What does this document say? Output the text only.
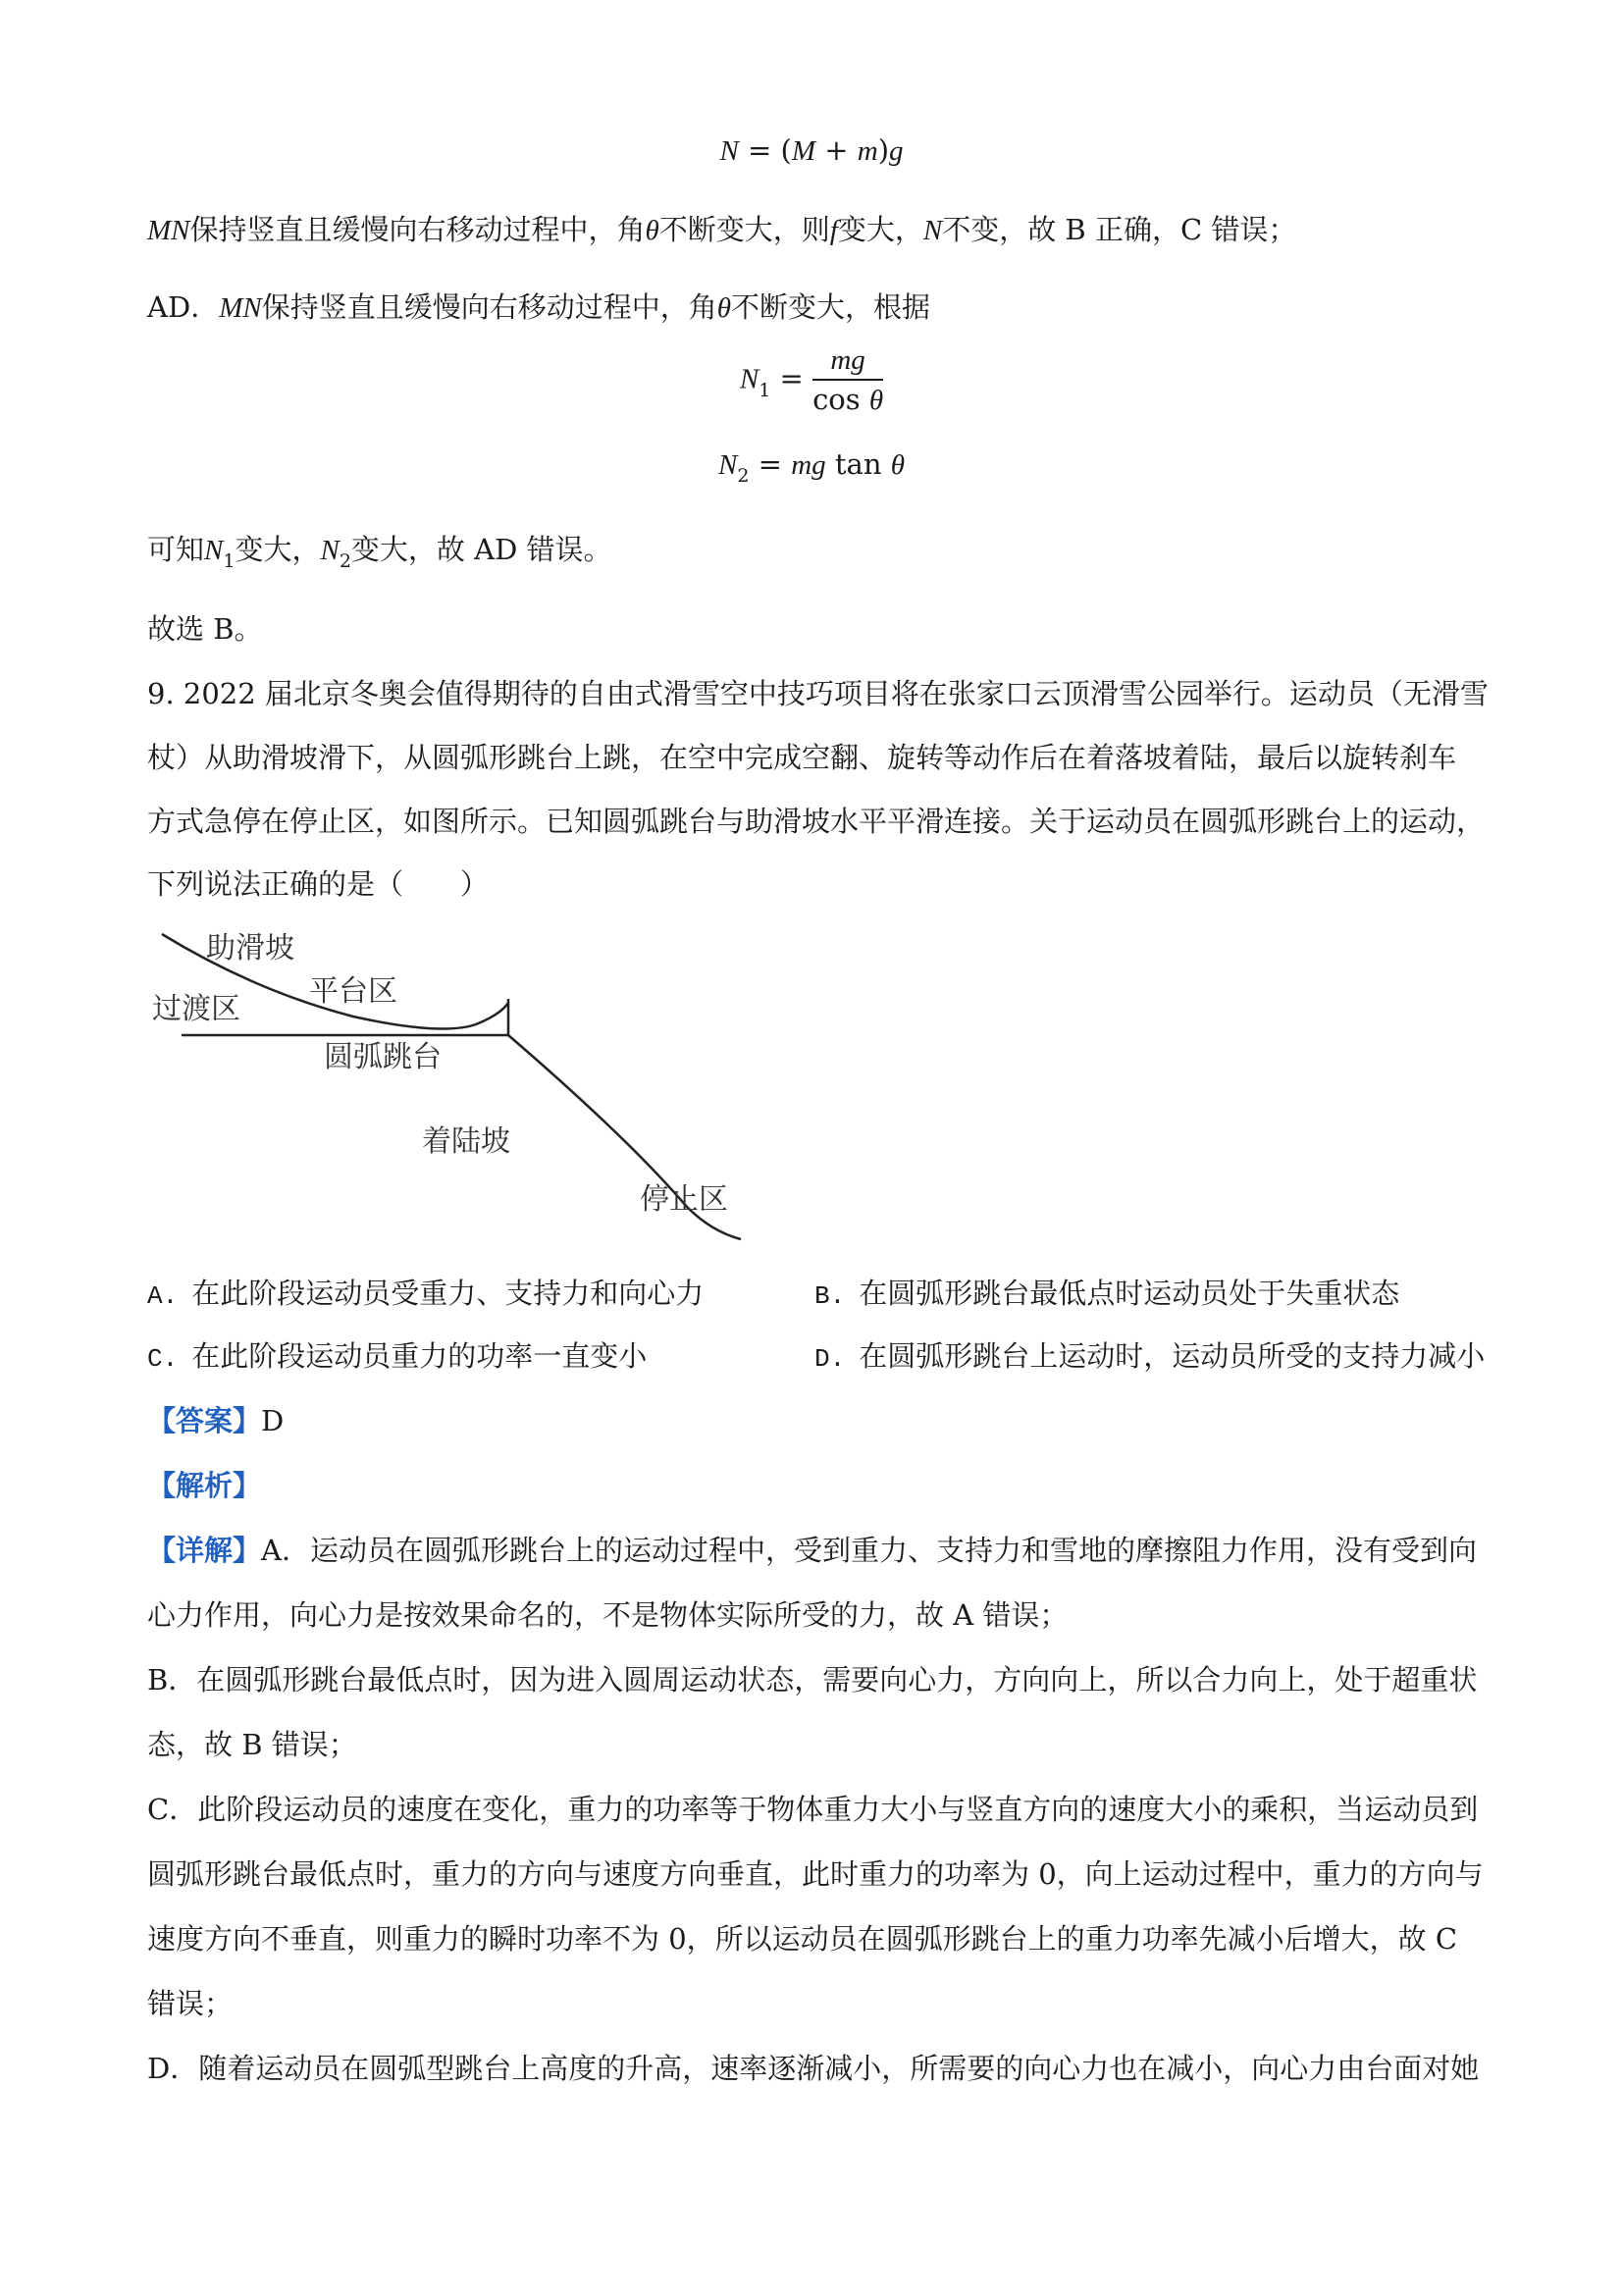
N = (M + m)g
MN保持竖直且缓慢向右移动过程中，角θ不断变大，则f变大，N不变，故 B 正确，C 错误；
AD．MN保持竖直且缓慢向右移动过程中，角θ不断变大，根据
$N_1 = \frac{mg}{\text{cos θ}}$
$N_2$ = mg tan θ
可知$N_1$变大，$N_2$变大，故 AD 错误。
故选 B。
9. 2022 届北京冬奥会值得期待的自由式滑雪空中技巧项目将在张家口云顶滑雪公园举行。运动员（无滑雪
杖）从助滑坡滑下，从圆弧形跳台上跳，在空中完成空翻、旋转等动作后在着落坡着陆，最后以旋转刹车
方式急停在停止区，如图所示。已知圆弧跳台与助滑坡水平平滑连接。关于运动员在圆弧形跳台上的运动，
下列说法正确的是（　　）
助滑坡
平台区
过渡区
圆弧跳台
着陆坡
停止区
A. 在此阶段运动员受重力、支持力和向心力	B. 在圆弧形跳台最低点时运动员处于失重状态
C. 在此阶段运动员重力的功率一直变小	D. 在圆弧形跳台上运动时，运动员所受的支持力减小
【答案】D
【解析】
【详解】A．运动员在圆弧形跳台上的运动过程中，受到重力、支持力和雪地的摩擦阻力作用，没有受到向
心力作用，向心力是按效果命名的，不是物体实际所受的力，故 A 错误；
B．在圆弧形跳台最低点时，因为进入圆周运动状态，需要向心力，方向向上，所以合力向上，处于超重状
态，故 B 错误；
C．此阶段运动员的速度在变化，重力的功率等于物体重力大小与竖直方向的速度大小的乘积，当运动员到
圆弧形跳台最低点时，重力的方向与速度方向垂直，此时重力的功率为 0，向上运动过程中，重力的方向与
速度方向不垂直，则重力的瞬时功率不为 0，所以运动员在圆弧形跳台上的重力功率先减小后增大，故 C
错误；
D．随着运动员在圆弧型跳台上高度的升高，速率逐渐减小，所需要的向心力也在减小，向心力由台面对她
